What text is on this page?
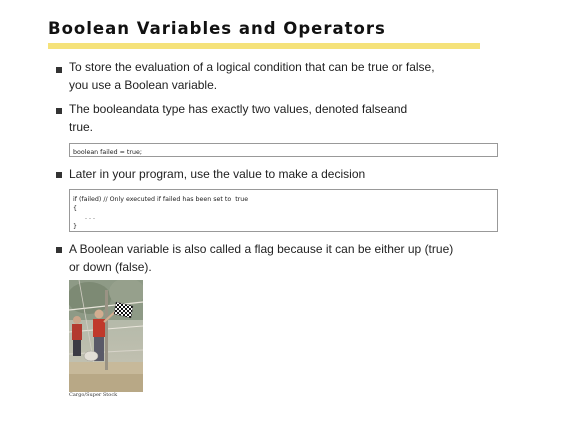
Boolean Variables and Operators

To store the evaluation of a logical condition that can be true or false,
you use a Boolean variable.

The booleandata type has exactly two values, denoted falseand
true.

boolean failed = true;

Later in your program, use the value to make a decision

if (failed) // Only executed if failed has been set to  true
{
. . .
}

A Boolean variable is also called a flag because it can be either up (true)
or down (false).

Cargo/Super Stock
